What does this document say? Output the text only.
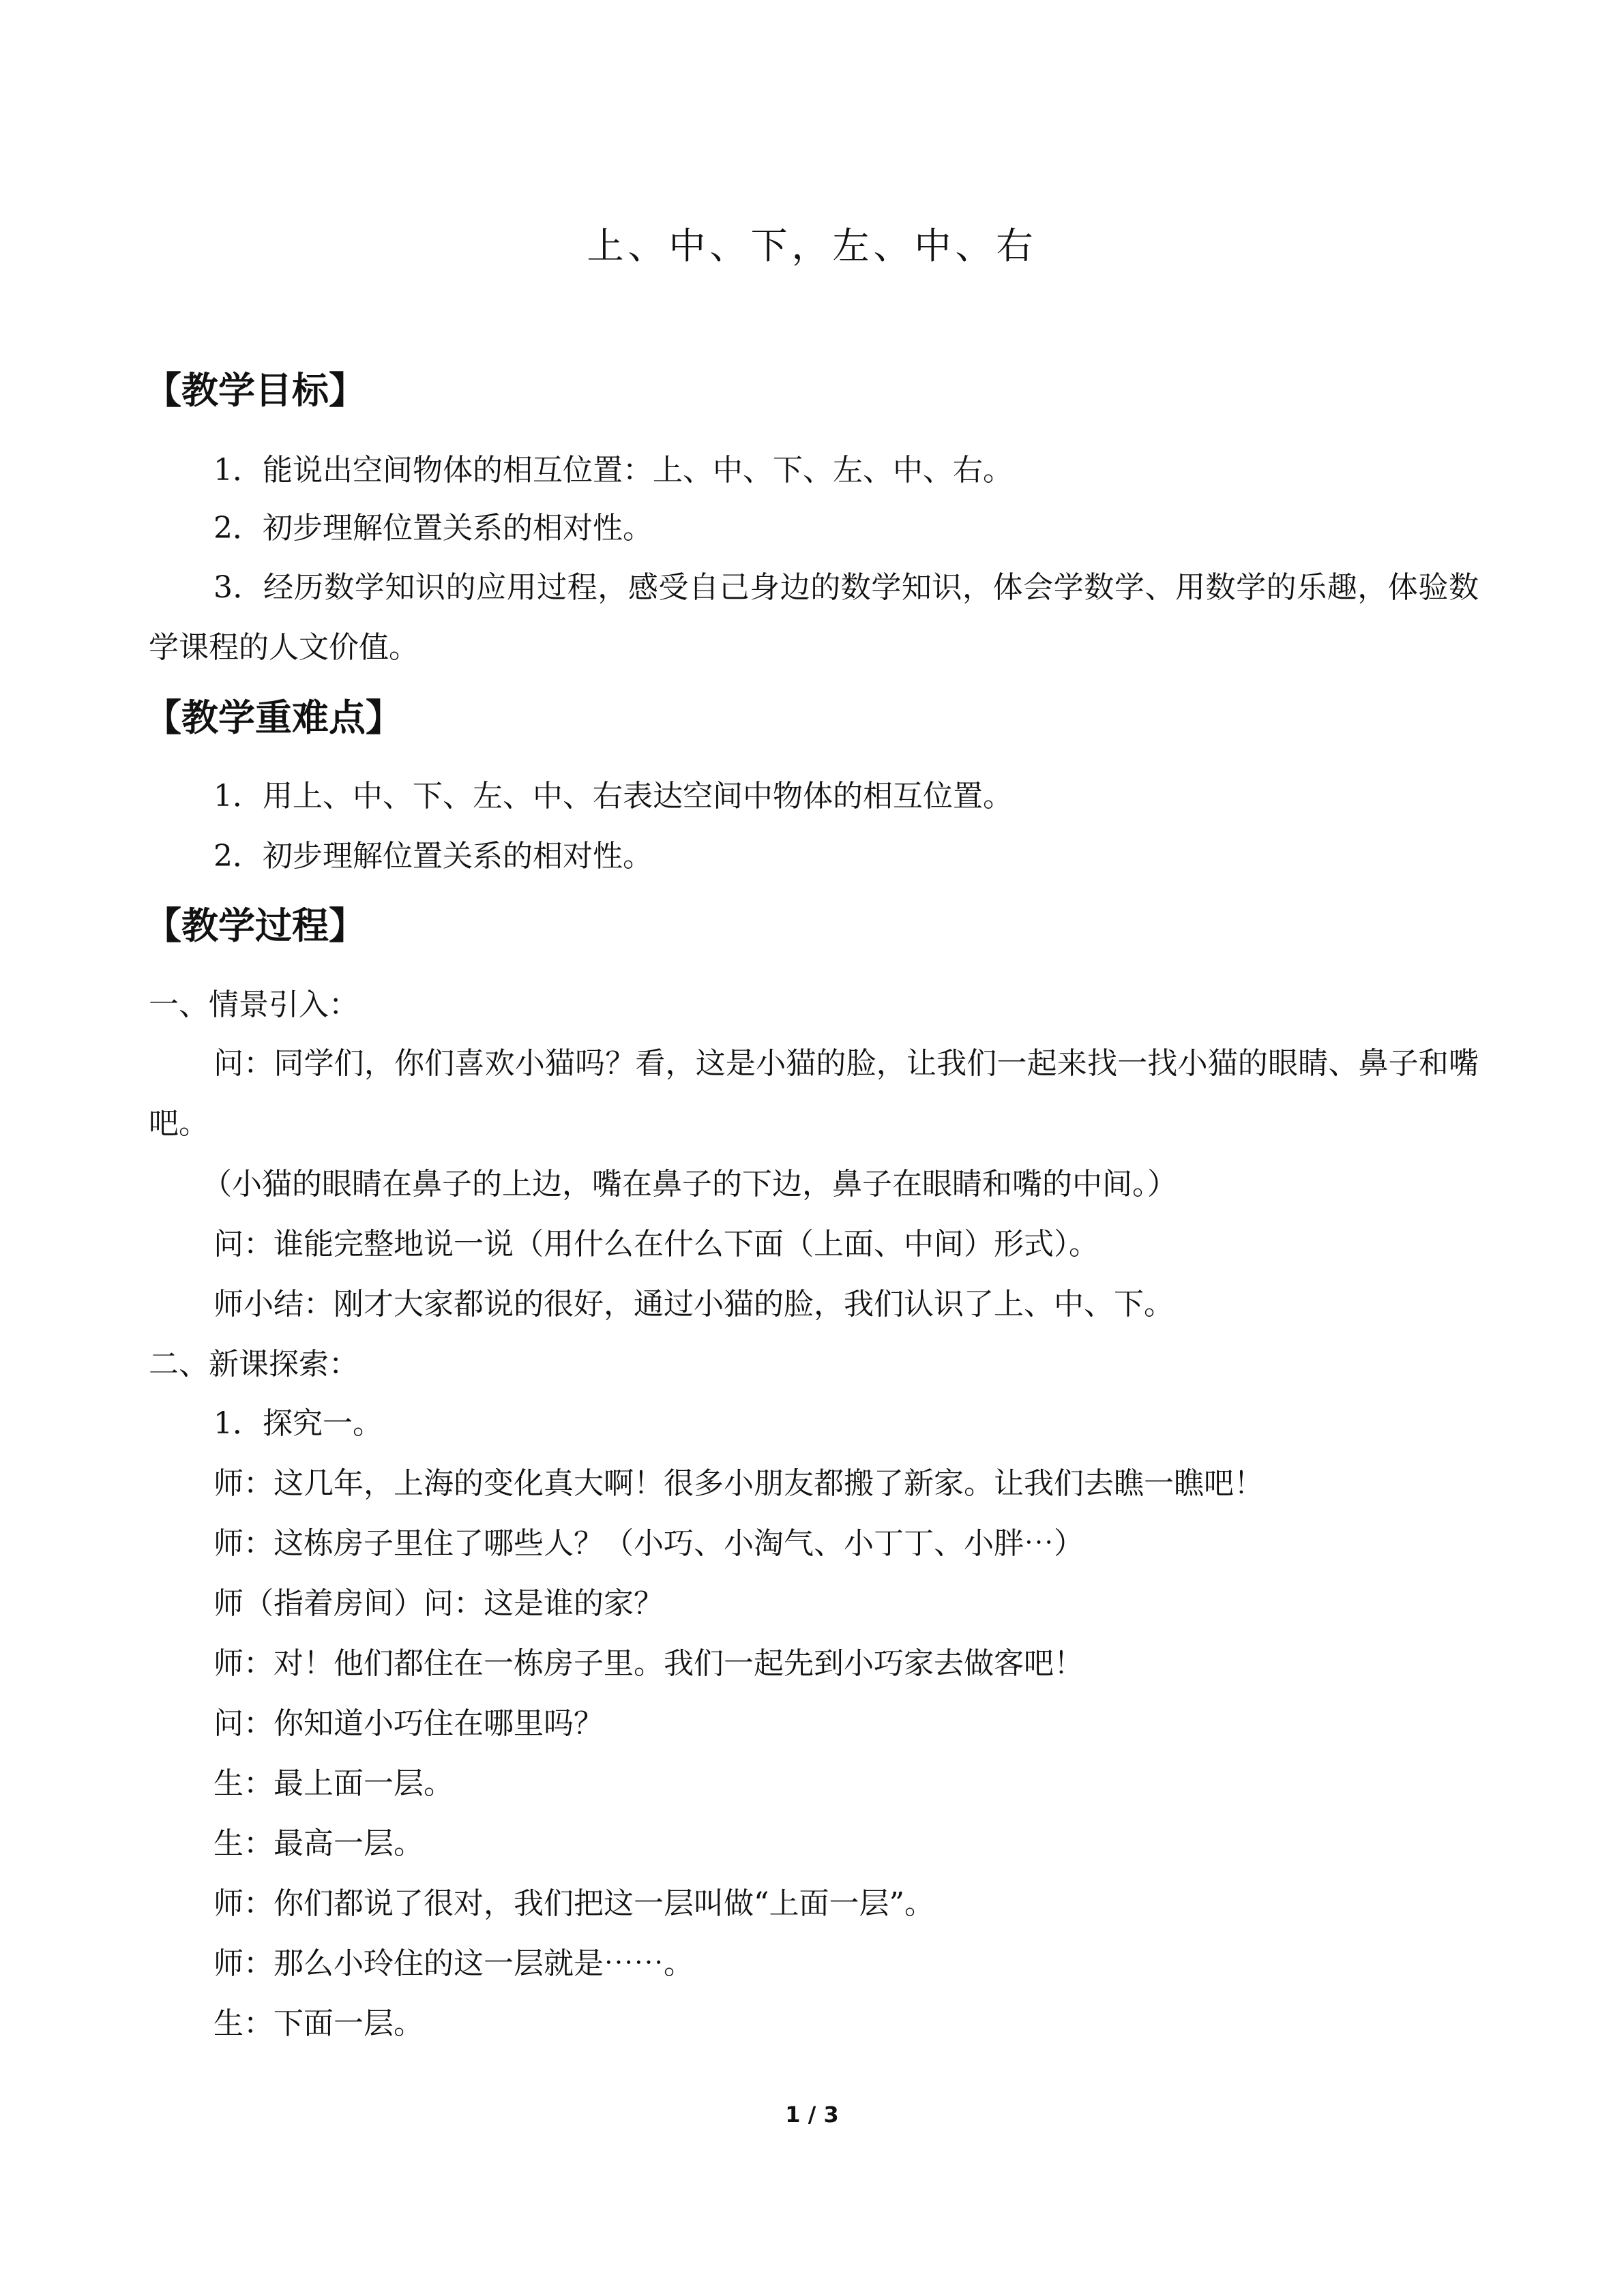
上、中、下，左、中、右
【教学目标】

1．能说出空间物体的相互位置：上、中、下、左、中、右。

2．初步理解位置关系的相对性。

3．经历数学知识的应用过程，感受自己身边的数学知识，体会学数学、用数学的乐趣，体验数学课程的人文价值。

【教学重难点】

1．用上、中、下、左、中、右表达空间中物体的相互位置。

2．初步理解位置关系的相对性。

【教学过程】

一、情景引入：

问：同学们，你们喜欢小猫吗？看，这是小猫的脸，让我们一起来找一找小猫的眼睛、鼻子和嘴吧。

（小猫的眼睛在鼻子的上边，嘴在鼻子的下边，鼻子在眼睛和嘴的中间。）

问：谁能完整地说一说（用什么在什么下面（上面、中间）形式）。

师小结：刚才大家都说的很好，通过小猫的脸，我们认识了上、中、下。

二、新课探索：

1．探究一。

师：这几年，上海的变化真大啊！很多小朋友都搬了新家。让我们去瞧一瞧吧！

师：这栋房子里住了哪些人？（小巧、小淘气、小丁丁、小胖⋯）

师（指着房间）问：这是谁的家？

师：对！他们都住在一栋房子里。我们一起先到小巧家去做客吧！

问：你知道小巧住在哪里吗？

生：最上面一层。

生：最高一层。

师：你们都说了很对，我们把这一层叫做“上面一层”。

师：那么小玲住的这一层就是⋯⋯。

生：下面一层。

1 / 3
